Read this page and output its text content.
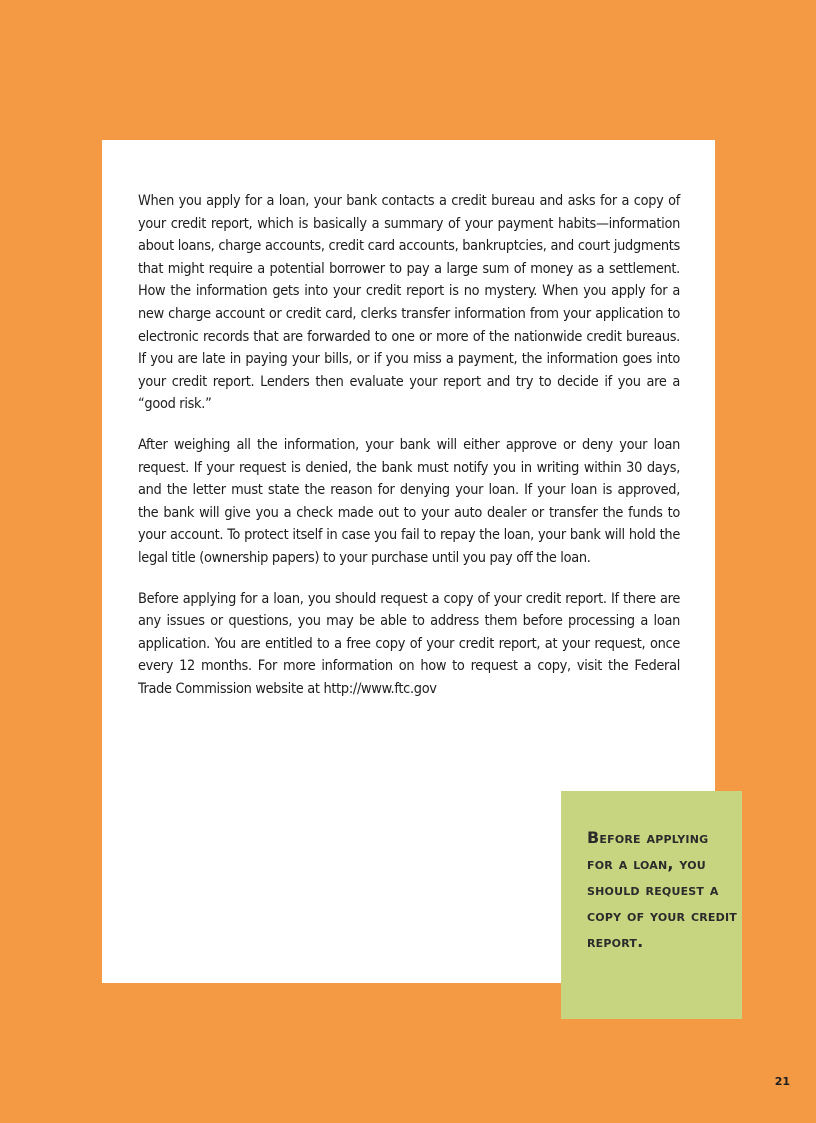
When you apply for a loan, your bank contacts a credit bureau and asks for a copy of your credit report, which is basically a summary of your payment habits—information about loans, charge accounts, credit card accounts, bankruptcies, and court judgments that might require a potential borrower to pay a large sum of money as a settlement. How the information gets into your credit report is no mystery. When you apply for a new charge account or credit card, clerks transfer information from your application to electronic records that are forwarded to one or more of the nationwide credit bureaus. If you are late in paying your bills, or if you miss a payment, the information goes into your credit report. Lenders then evaluate your report and try to decide if you are a “good risk.”

After weighing all the information, your bank will either approve or deny your loan request. If your request is denied, the bank must notify you in writing within 30 days, and the letter must state the reason for denying your loan. If your loan is approved, the bank will give you a check made out to your auto dealer or transfer the funds to your account. To protect itself in case you fail to repay the loan, your bank will hold the legal title (ownership papers) to your purchase until you pay off the loan.

Before applying for a loan, you should request a copy of your credit report. If there are any issues or questions, you may be able to address them before processing a loan application. You are entitled to a free copy of your credit report, at your request, once every 12 months. For more information on how to request a copy, visit the Federal Trade Commission website at http://www.ftc.gov

Before applying for a loan, you should request a copy of your credit report.

21
